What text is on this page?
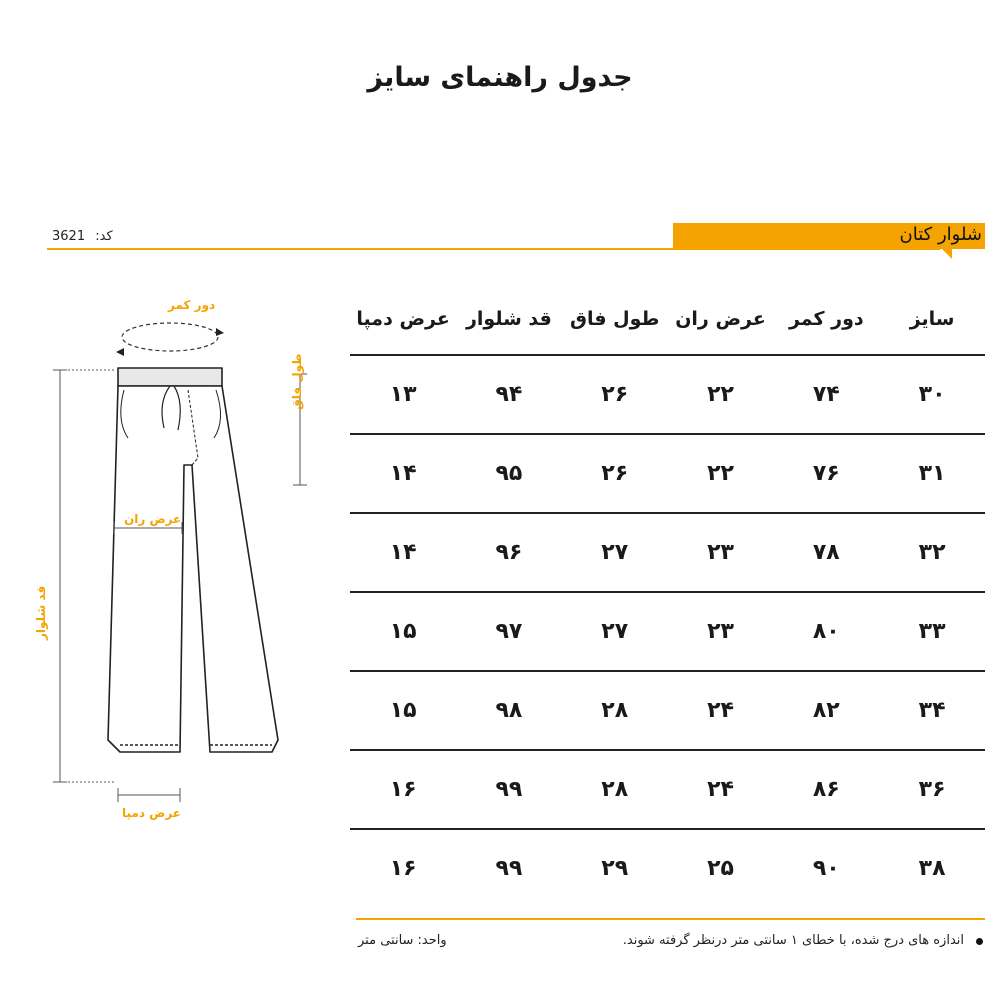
جدول راهنمای سایز
شلوار کتان
3621 کد:
دور کمر
طول فاق
عرض ران
قد شلوار
عرض دمپا
سایز
دور کمر
عرض ران
طول فاق
قد شلوار
عرض دمپا
۳۰
۷۴
۲۲
۲۶
۹۴
۱۳
۳۱
۷۶
۲۲
۲۶
۹۵
۱۴
۳۲
۷۸
۲۳
۲۷
۹۶
۱۴
۳۳
۸۰
۲۳
۲۷
۹۷
۱۵
۳۴
۸۲
۲۴
۲۸
۹۸
۱۵
۳۶
۸۶
۲۴
۲۸
۹۹
۱۶
۳۸
۹۰
۲۵
۲۹
۹۹
۱۶
اندازه های درج شده، با خطای ۱ سانتی متر درنظر گرفته شوند.
واحد: سانتی متر
